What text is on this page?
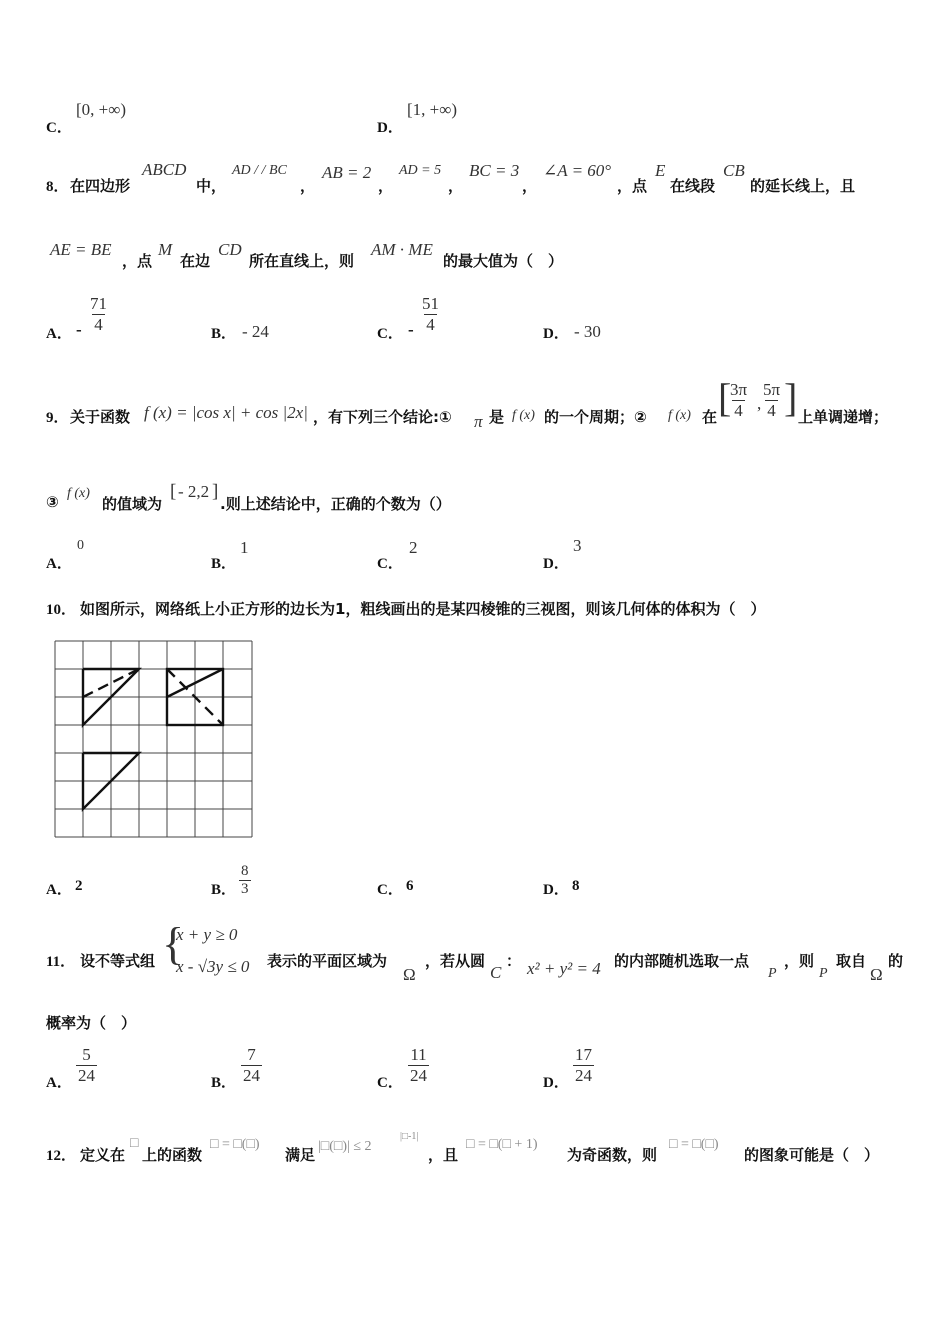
C．
[0, +∞)
D．
[1, +∞)
8． 在四边形
ABCD
中，
AD / / BC
，
AB = 2
，
AD = 5
，
BC = 3
，
∠A = 60°
，点
E
在线段
CB
的延长线上，且
AE = BE
，点
M
在边
CD
所在直线上，则
AM · ME
的最大值为（　）
A． - $\frac{71}{4}$	B． - 24	C． - $\frac{51}{4}$	D． - 30
9． 关于函数 f (x) = |cos x| + cos |2x| ，有下列三个结论:① π 是 f (x) 的一个周期；② f (x) 在 [
$\frac{3\pi}{4}$ , $\frac{5\pi}{4}$ ] 上单调递增；
③ f (x)
的值域为
[ - 2,2 ]
.则上述结论中，正确的个数为（）
A．
0
B．
1
C．
2
D．
3
10． 如图所示，网络纸上小正方形的边长为1，粗线画出的是某四棱锥的三视图，则该几何体的体积为（　）
A． 2	B． $\frac{8}{3}$	C． 6	D． 8
11． 设不等式组 {
x + y ≥ 0
x - √3y ≤ 0 表示的平面区域为
Ω
，若从圆
C
： x² + y² = 4 的内部随机选取一点
P
，则
P
取自
Ω
的
概率为（　）
A． $\frac{5}{24}$	B． $\frac{7}{24}$	C． $\frac{11}{24}$	D． $\frac{17}{24}$
12． 定义在
□
上的函数
□ = □(□)
满足 |□(□)| ≤ 2
|□-1|
，且
□ = □(□ + 1)
为奇函数，则
□ = □(□)
的图象可能是（　）
